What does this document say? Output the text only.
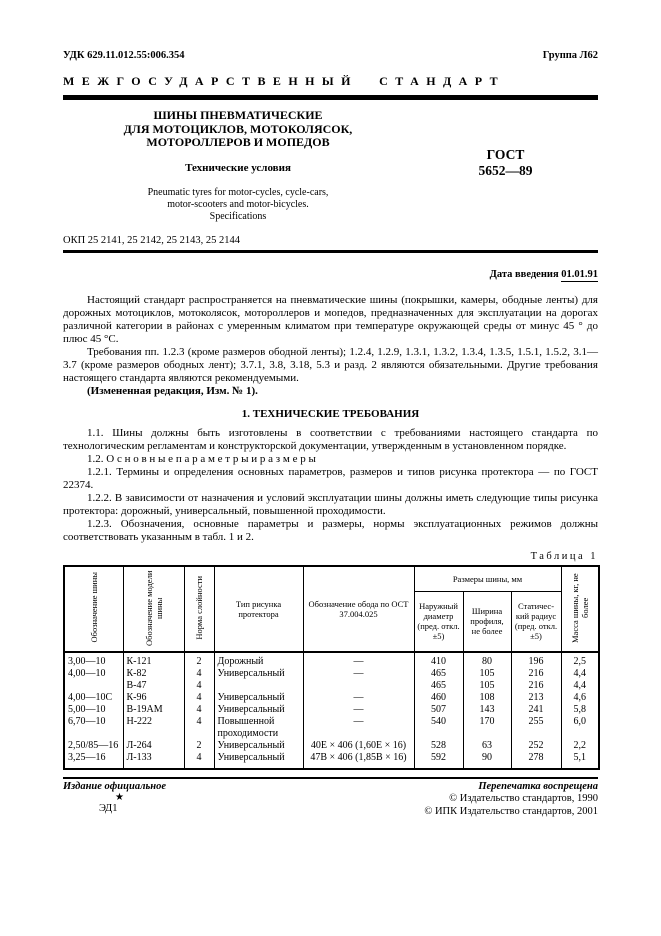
УДК 629.11.012.55:006.354	Группа Л62
МЕЖГОСУДАРСТВЕННЫЙ СТАНДАРТ
ШИНЫ ПНЕВМАТИЧЕСКИЕ
ДЛЯ МОТОЦИКЛОВ, МОТОКОЛЯСОК,
МОТОРОЛЛЕРОВ И МОПЕДОВ
Технические условия
Pneumatic tyres for motor-cycles, cycle-cars,
motor-scooters and motor-bicycles.
Specifications
ГОСТ
5652—89
ОКП 25 2141, 25 2142, 25 2143, 25 2144
Дата введения 01.01.91

Настоящий стандарт распространяется на пневматические шины (покрышки, камеры, ободные ленты) для дорожных мотоциклов, мотоколясок, мотороллеров и мопедов, предназначенных для эксплуатации на дорогах различной категории в районах с умеренным климатом при температуре окружающей среды от минус 45 ° до плюс 45 °С.

Требования пп. 1.2.3 (кроме размеров ободной ленты); 1.2.4, 1.2.9, 1.3.1, 1.3.2, 1.3.4, 1.3.5, 1.5.1, 1.5.2, 3.1—3.7 (кроме размеров ободных лент); 3.7.1, 3.8, 3.18, 5.3 и разд. 2 являются обязательными. Другие требования настоящего стандарта являются рекомендуемыми.

(Измененная редакция, Изм. № 1).

1. ТЕХНИЧЕСКИЕ ТРЕБОВАНИЯ

1.1. Шины должны быть изготовлены в соответствии с требованиями настоящего стандарта по технологическим регламентам и конструкторской документации, утвержденным в установленном порядке.

1.2. О с н о в н ы е п а р а м е т р ы и р а з м е р ы

1.2.1. Термины и определения основных параметров, размеров и типов рисунка протектора — по ГОСТ 22374.

1.2.2. В зависимости от назначения и условий эксплуатации шины должны иметь следующие типы рисунка протектора: дорожный, универсальный, повышенной проходимости.

1.2.3. Обозначения, основные параметры и размеры, нормы эксплуатационных режимов должны соответствовать указанным в табл. 1 и 2.

Таблица 1
Обозначение шины	Обозначение модели шины	Норма слойности	Тип рисунка протектора	Обозначение обода по ОСТ 37.004.025	Размеры шины, мм			Масса шины, кг, не более
					Наружный диаметр (пред. откл. ±5)	Ширина профиля, не более	Статичес-кий радиус (пред. откл. ±5)	
3,00—10	К-121	2	Дорожный	—	410	80	196	2,5
4,00—10	К-82	4	Универсальный	—	465	105	216	4,4
	В-47	4			465	105	216	4,4
4,00—10С	К-96	4	Универсальный	—	460	108	213	4,6
5,00—10	В-19АМ	4	Универсальный	—	507	143	241	5,8
6,70—10	Н-222	4	Повышенной проходимости	—	540	170	255	6,0
2,50/85—16	Л-264	2	Универсальный	40Е × 406 (1,60Е × 16)	528	63	252	2,2
3,25—16	Л-133	4	Универсальный	47В × 406 (1,85В × 16)	592	90	278	5,1
Издание официальное
★
ЭД1
Перепечатка воспрещена
© Издательство стандартов, 1990
© ИПК Издательство стандартов, 2001
